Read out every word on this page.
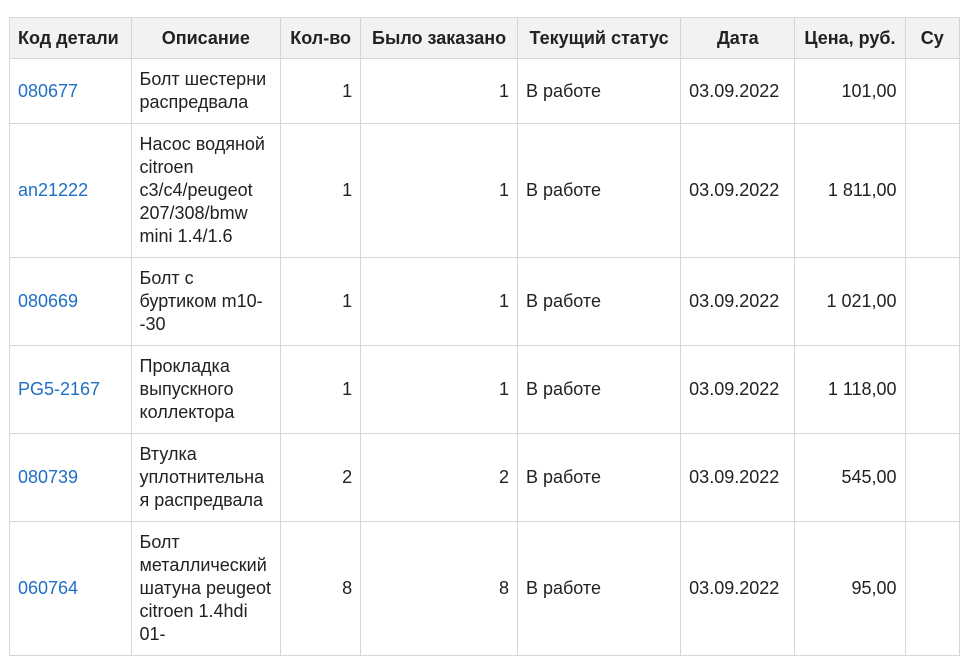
Код детали	Описание	Кол-во	Было заказано	Текущий статус	Дата	Цена, руб.	Су
080677	Болт шестерни распредвала	1	1	В работе	03.09.2022	101,00	
an21222	Насос водяной citroen c3/c4/peugeot 207/308/bmw mini 1.4/1.6	1	1	В работе	03.09.2022	1 811,00	
080669	Болт с буртиком m10--30	1	1	В работе	03.09.2022	1 021,00	
PG5-2167	Прокладка выпускного коллектора	1	1	В работе	03.09.2022	1 118,00	
080739	Втулка уплотнительная распредвала	2	2	В работе	03.09.2022	545,00	
060764	Болт металлический шатуна peugeot citroen 1.4hdi 01-	8	8	В работе	03.09.2022	95,00	
